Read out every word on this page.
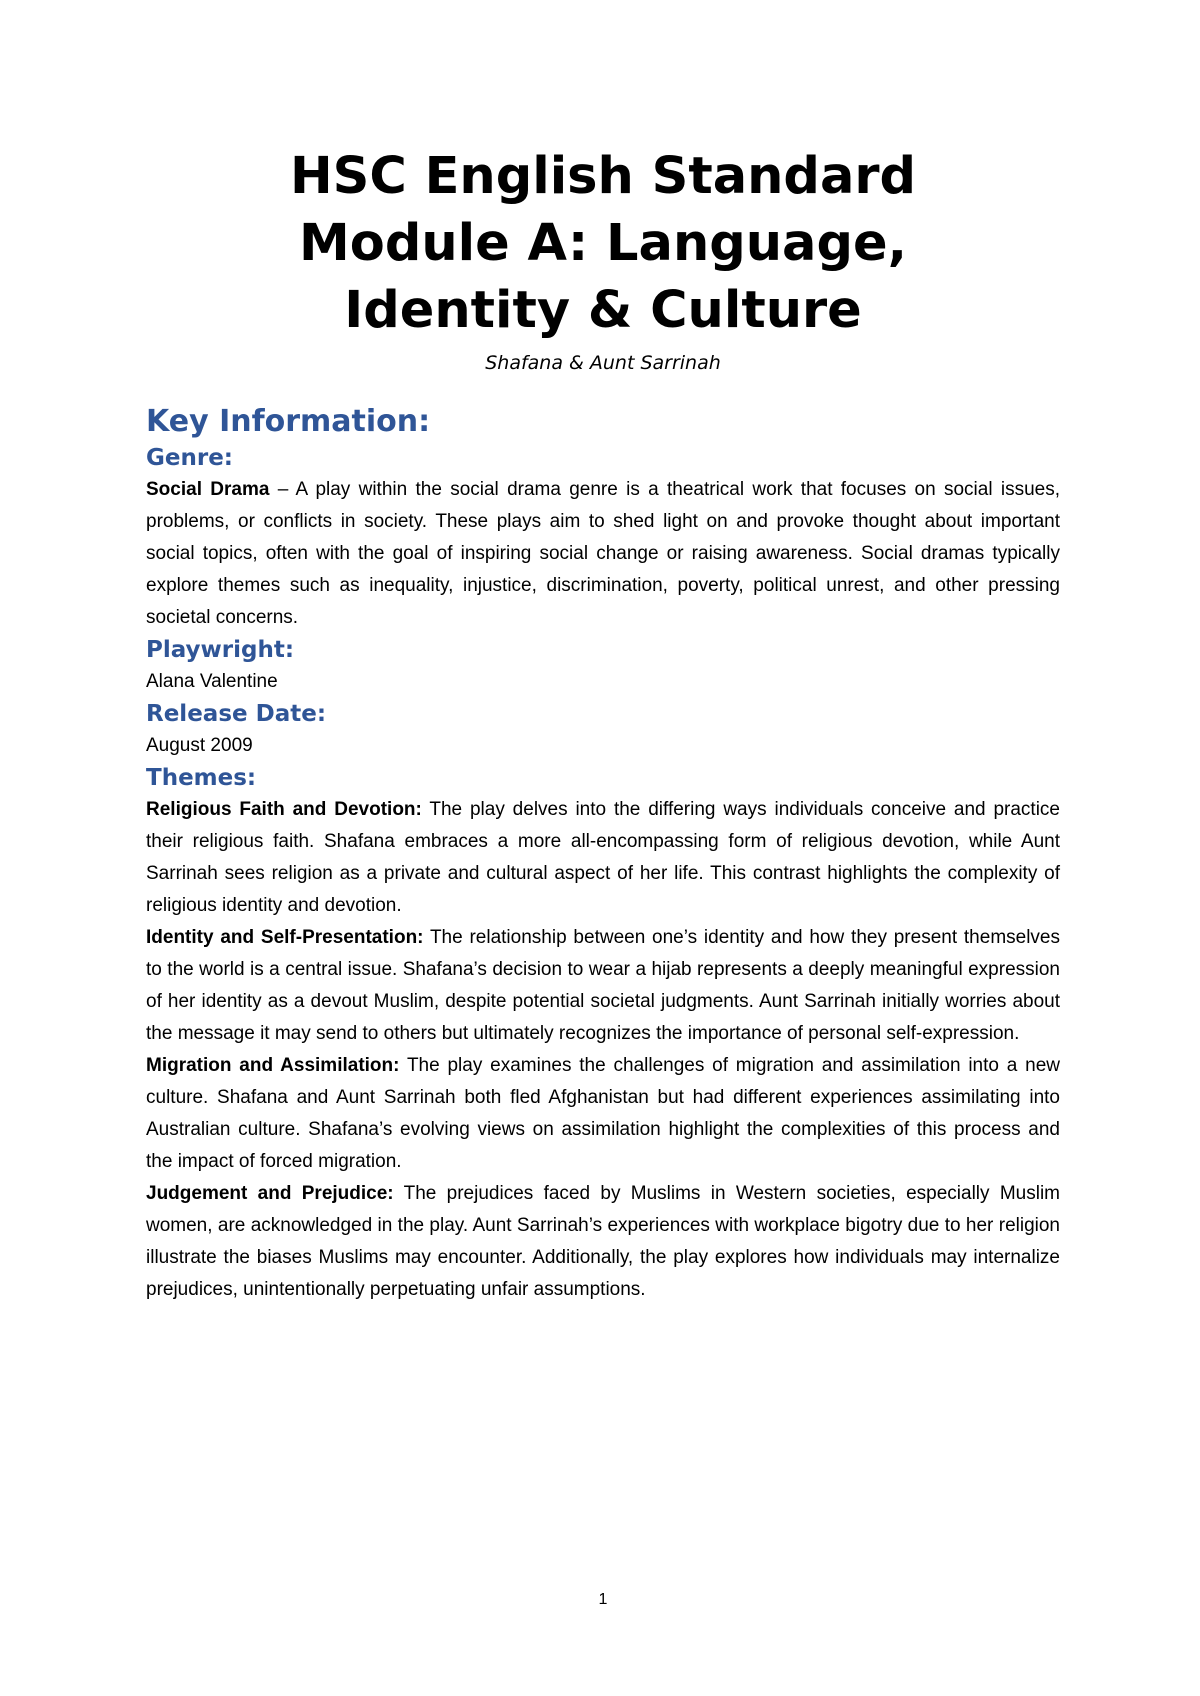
HSC English Standard
Module A: Language,
Identity & Culture
Shafana & Aunt Sarrinah
Key Information:
Genre:

Social Drama – A play within the social drama genre is a theatrical work that focuses on social issues, problems, or conflicts in society. These plays aim to shed light on and provoke thought about important social topics, often with the goal of inspiring social change or raising awareness. Social dramas typically explore themes such as inequality, injustice, discrimination, poverty, political unrest, and other pressing societal concerns.

Playwright:

Alana Valentine

Release Date:

August 2009

Themes:

Religious Faith and Devotion: The play delves into the differing ways individuals conceive and practice their religious faith. Shafana embraces a more all-encompassing form of religious devotion, while Aunt Sarrinah sees religion as a private and cultural aspect of her life. This contrast highlights the complexity of religious identity and devotion.

Identity and Self-Presentation: The relationship between one’s identity and how they present themselves to the world is a central issue. Shafana’s decision to wear a hijab represents a deeply meaningful expression of her identity as a devout Muslim, despite potential societal judgments. Aunt Sarrinah initially worries about the message it may send to others but ultimately recognizes the importance of personal self-expression.

Migration and Assimilation: The play examines the challenges of migration and assimilation into a new culture. Shafana and Aunt Sarrinah both fled Afghanistan but had different experiences assimilating into Australian culture. Shafana’s evolving views on assimilation highlight the complexities of this process and the impact of forced migration.

Judgement and Prejudice: The prejudices faced by Muslims in Western societies, especially Muslim women, are acknowledged in the play. Aunt Sarrinah’s experiences with workplace bigotry due to her religion illustrate the biases Muslims may encounter. Additionally, the play explores how individuals may internalize prejudices, unintentionally perpetuating unfair assumptions.

1
